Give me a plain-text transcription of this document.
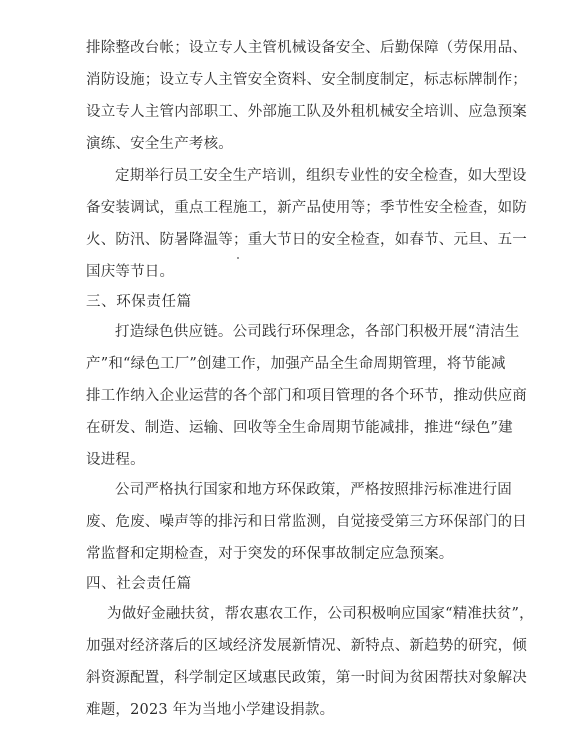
排除整改台帐；设立专人主管机械设备安全、后勤保障（劳保用品、
消防设施；设立专人主管安全资料、安全制度制定，标志标牌制作；
设立专人主管内部职工、外部施工队及外租机械安全培训、应急预案
演练、安全生产考核。
定期举行员工安全生产培训，组织专业性的安全检查，如大型设
备安装调试，重点工程施工，新产品使用等；季节性安全检查，如防
火、防汛、防暑降温等；重大节日的安全检查，如春节、元旦、五一
国庆等节日。
三、环保责任篇
打造绿色供应链。公司践行环保理念，各部门积极开展“清洁生
产”和“绿色工厂”创建工作，加强产品全生命周期管理，将节能减
排工作纳入企业运营的各个部门和项目管理的各个环节，推动供应商
在研发、制造、运输、回收等全生命周期节能减排，推进“绿色”建
设进程。
公司严格执行国家和地方环保政策，严格按照排污标准进行固
废、危废、噪声等的排污和日常监测，自觉接受第三方环保部门的日
常监督和定期检查，对于突发的环保事故制定应急预案。
四、社会责任篇
为做好金融扶贫，帮农惠农工作，公司积极响应国家“精准扶贫”，
加强对经济落后的区域经济发展新情况、新特点、新趋势的研究，倾
斜资源配置，科学制定区域惠民政策，第一时间为贫困帮扶对象解决
难题，2023 年为当地小学建设捐款。
